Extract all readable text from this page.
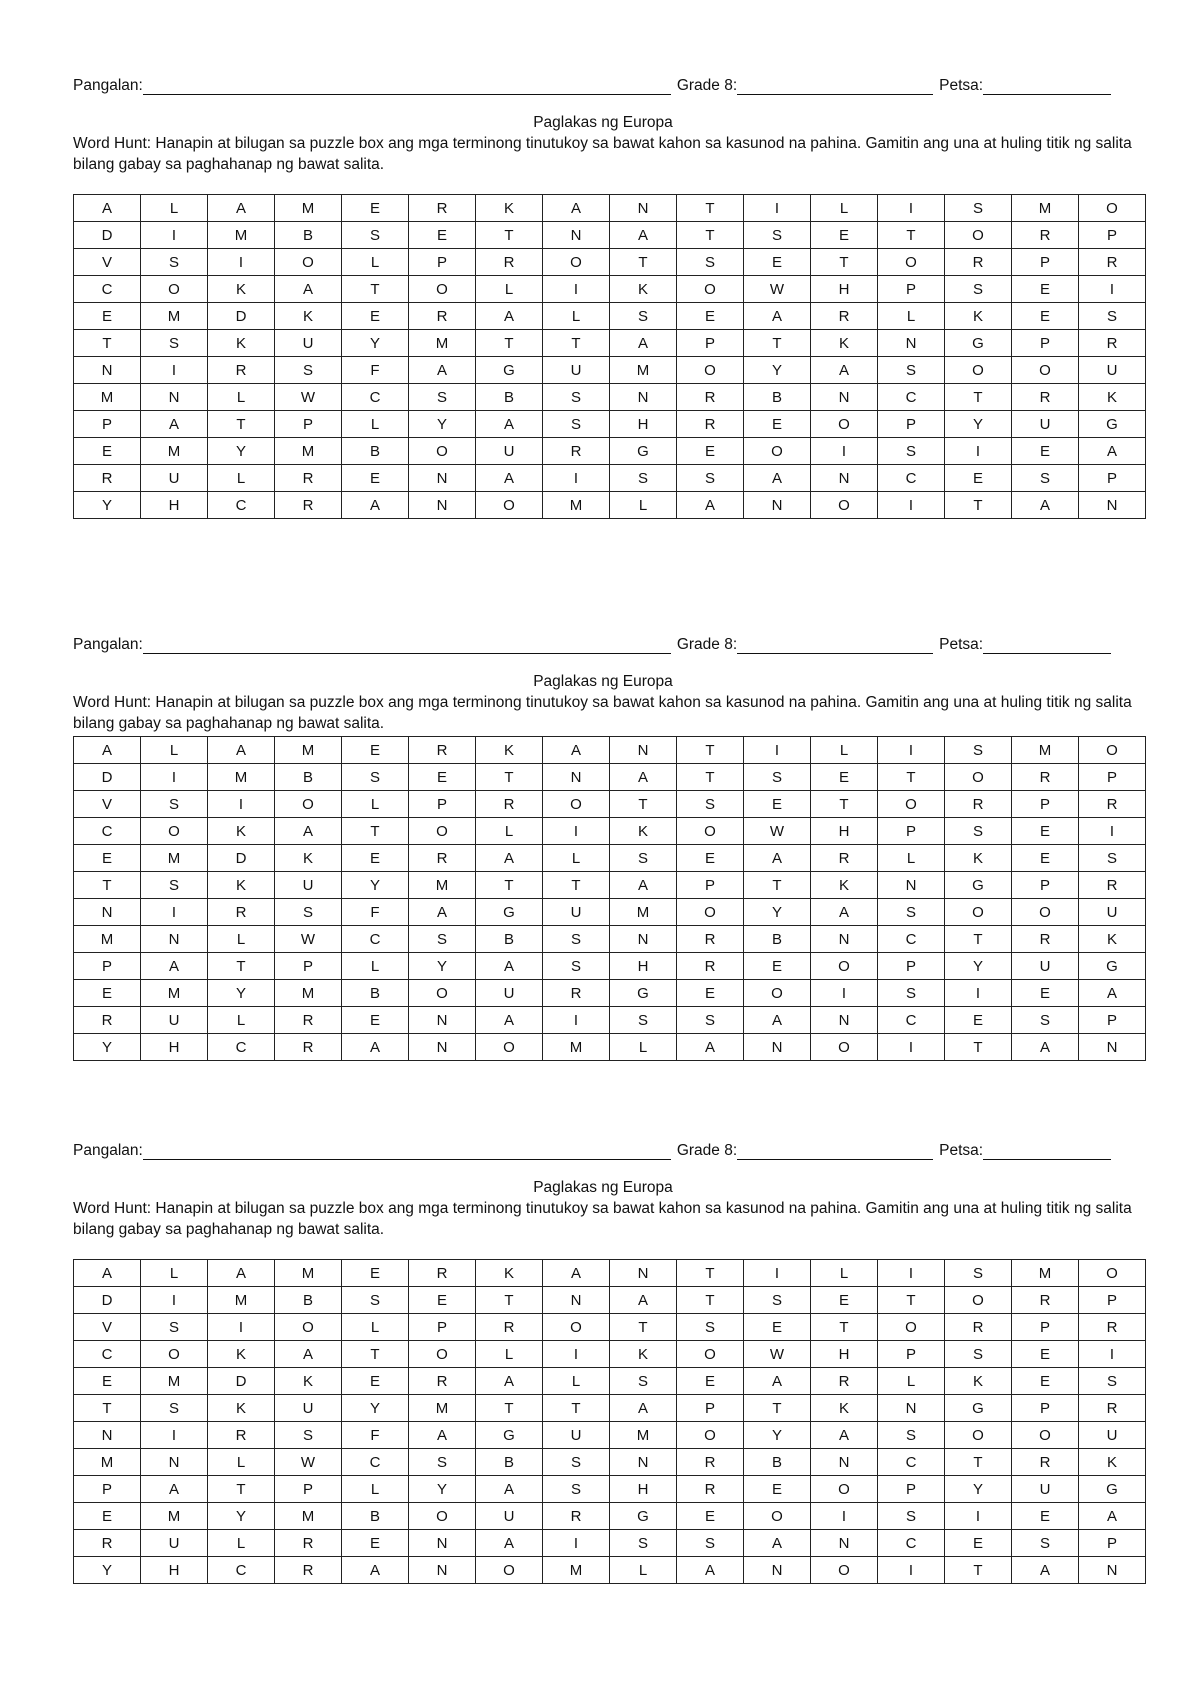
Pangalan:	Grade 8:	Petsa:
Paglakas ng Europa
Word Hunt: Hanapin at bilugan sa puzzle box ang mga terminong tinutukoy sa bawat kahon sa kasunod na pahina. Gamitin ang una at huling titik ng salita bilang gabay sa paghahanap ng bawat salita.
A	L	A	M	E	R	K	A	N	T	I	L	I	S	M	O
D	I	M	B	S	E	T	N	A	T	S	E	T	O	R	P
V	S	I	O	L	P	R	O	T	S	E	T	O	R	P	R
C	O	K	A	T	O	L	I	K	O	W	H	P	S	E	I
E	M	D	K	E	R	A	L	S	E	A	R	L	K	E	S
T	S	K	U	Y	M	T	T	A	P	T	K	N	G	P	R
N	I	R	S	F	A	G	U	M	O	Y	A	S	O	O	U
M	N	L	W	C	S	B	S	N	R	B	N	C	T	R	K
P	A	T	P	L	Y	A	S	H	R	E	O	P	Y	U	G
E	M	Y	M	B	O	U	R	G	E	O	I	S	I	E	A
R	U	L	R	E	N	A	I	S	S	A	N	C	E	S	P
Y	H	C	R	A	N	O	M	L	A	N	O	I	T	A	N
Pangalan:	Grade 8:	Petsa:
Paglakas ng Europa
Word Hunt: Hanapin at bilugan sa puzzle box ang mga terminong tinutukoy sa bawat kahon sa kasunod na pahina. Gamitin ang una at huling titik ng salita bilang gabay sa paghahanap ng bawat salita.
A	L	A	M	E	R	K	A	N	T	I	L	I	S	M	O
D	I	M	B	S	E	T	N	A	T	S	E	T	O	R	P
V	S	I	O	L	P	R	O	T	S	E	T	O	R	P	R
C	O	K	A	T	O	L	I	K	O	W	H	P	S	E	I
E	M	D	K	E	R	A	L	S	E	A	R	L	K	E	S
T	S	K	U	Y	M	T	T	A	P	T	K	N	G	P	R
N	I	R	S	F	A	G	U	M	O	Y	A	S	O	O	U
M	N	L	W	C	S	B	S	N	R	B	N	C	T	R	K
P	A	T	P	L	Y	A	S	H	R	E	O	P	Y	U	G
E	M	Y	M	B	O	U	R	G	E	O	I	S	I	E	A
R	U	L	R	E	N	A	I	S	S	A	N	C	E	S	P
Y	H	C	R	A	N	O	M	L	A	N	O	I	T	A	N
Pangalan:	Grade 8:	Petsa:
Paglakas ng Europa
Word Hunt: Hanapin at bilugan sa puzzle box ang mga terminong tinutukoy sa bawat kahon sa kasunod na pahina. Gamitin ang una at huling titik ng salita bilang gabay sa paghahanap ng bawat salita.
A	L	A	M	E	R	K	A	N	T	I	L	I	S	M	O
D	I	M	B	S	E	T	N	A	T	S	E	T	O	R	P
V	S	I	O	L	P	R	O	T	S	E	T	O	R	P	R
C	O	K	A	T	O	L	I	K	O	W	H	P	S	E	I
E	M	D	K	E	R	A	L	S	E	A	R	L	K	E	S
T	S	K	U	Y	M	T	T	A	P	T	K	N	G	P	R
N	I	R	S	F	A	G	U	M	O	Y	A	S	O	O	U
M	N	L	W	C	S	B	S	N	R	B	N	C	T	R	K
P	A	T	P	L	Y	A	S	H	R	E	O	P	Y	U	G
E	M	Y	M	B	O	U	R	G	E	O	I	S	I	E	A
R	U	L	R	E	N	A	I	S	S	A	N	C	E	S	P
Y	H	C	R	A	N	O	M	L	A	N	O	I	T	A	N
